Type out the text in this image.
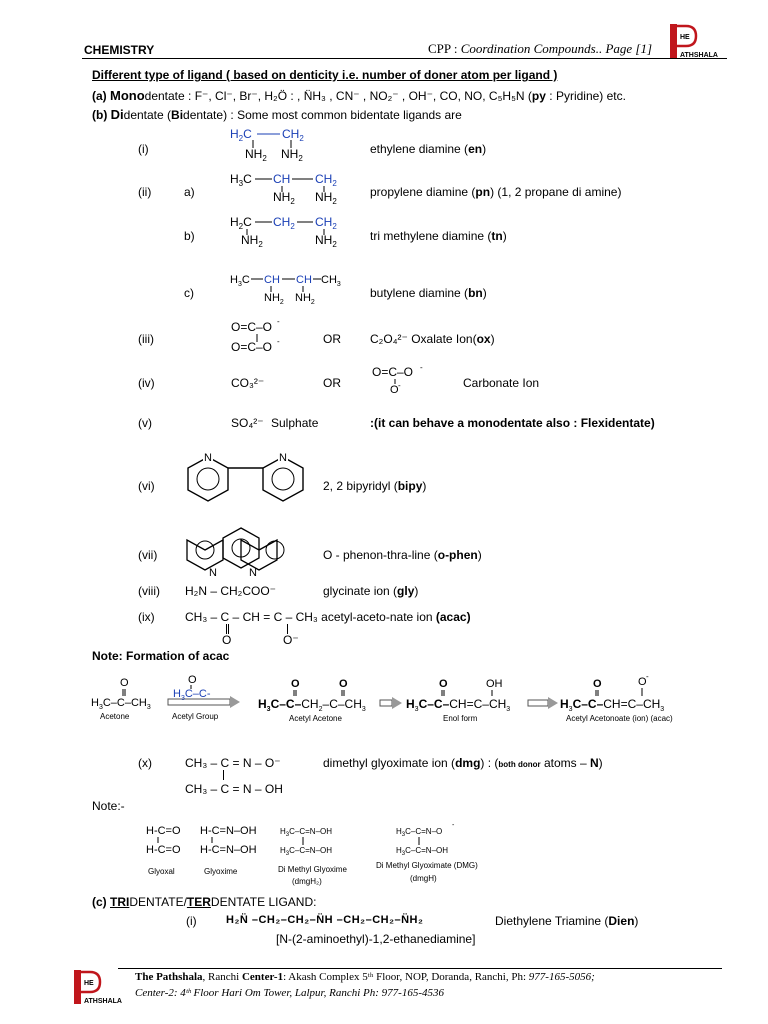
CHEMISTRY	CPP : Coordination Compounds.. Page [1]
HE
ATHSHALA
Different type of ligand ( based on denticity i.e. number of doner atom per ligand )
(a) Monodentate : F⁻, Cl⁻, Br⁻, H₂Ö : , N̈H₃ , CN⁻ , NO₂⁻ , OH⁻, CO, NO, C₅H₅N (py : Pyridine) etc.
(b) Didentate (Bidentate) : Some most common bidentate ligands are
(i)
$H_2C$	$CH_2$
$NH_2$ $NH_2$
ethylene diamine (en)
(ii)	a)
$H_3C$ CH $CH_2$
$NH_2$ $NH_2$
propylene diamine (pn) (1, 2 propane di amine)
b)
$H_2C$ $CH_2$ $CH_2$
$NH_2$	$NH_2$
tri methylene diamine (tn)
c)
$H_3C$ CH CH $CH_3$
$NH_2$ $NH_2$
butylene diamine (bn)
(iii)
O=C–O -
O=C–O -	OR C₂O₄²⁻ Oxalate Ion(ox)
(iv)	CO₃²⁻	OR
O=C–O -
O -	Carbonate Ion
(v)	SO₄²⁻ Sulphate	:(it can behave a monodentate also : Flexidentate)
(vi)
N	N
2, 2 bipyridyl (bipy)
(vii)
N	N
O - phenon-thra-line (o-phen)
(viii) H₂N – CH₂COO⁻	glycinate ion (gly)
(ix)	CH₃ – C – CH = C – CH₃ acetyl-aceto-nate ion (acac)
O	O⁻
Note: Formation of acac
O
$H_3C-C-CH_3$
Acetone
O
$H_3C-C-$
Acetyl Group
O	O
$H_3C-C-CH_2-C-CH_3$
Acetyl Acetone
O	OH
$H_3C-C-CH=C-CH_3$
Enol form
O	O -
$H_3C-C-CH=C-CH_3$
Acetyl Acetonoate (ion) (acac)
(x)	CH₃ – C = N – O⁻
CH₃ – C = N – OH
dimethyl glyoximate ion (dmg) : (both donor atoms – N)
Note:-
H-C=O
H-C=O
Glyoxal
H-C=N–OH
H-C=N–OH
Glyoxime
$H_3C-C=N-OH$
$H_3C-C=N-OH$
Di Methyl Glyoxime
(dmgH₂)
$H_3C-C=N-O$
-
$H_3C-C=N-OH$
Di Methyl Glyoximate (DMG)
(dmgH)
(c) TRIDENTATE/TERDENTATE LIGAND:
(i)	H₂N̈ –CH₂–CH₂–N̈H –CH₂–CH₂–N̈H₂	Diethylene Triamine (Dien)
[N-(2-aminoethyl)-1,2-ethanediamine]
HE
ATHSHALA
The Pathshala, Ranchi Center-1: Akash Complex 5ᵗʰ Floor, NOP, Doranda, Ranchi, Ph: 977-165-5056;
Center-2: 4ᵗʰ Floor Hari Om Tower, Lalpur, Ranchi Ph: 977-165-4536
